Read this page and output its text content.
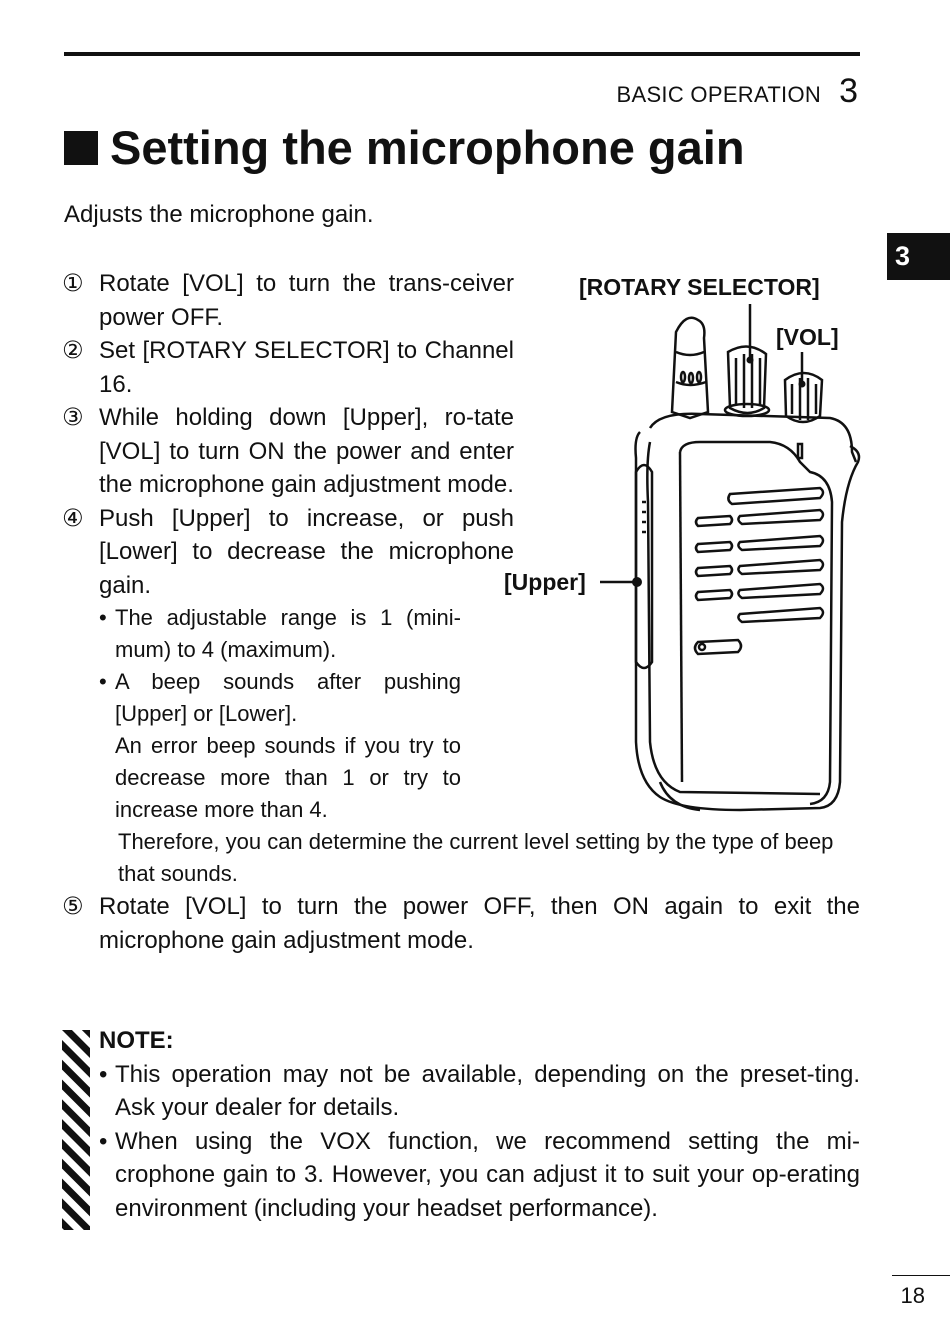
BASIC OPERATION 3
Setting the microphone gain

Adjusts the microphone gain.

3
① Rotate [VOL] to turn the trans-ceiver power OFF.
② Set [ROTARY SELECTOR] to Channel 16.
③ While holding down [Upper], ro-tate [VOL] to turn ON the power and enter the microphone gain adjustment mode.
④ Push [Upper] to increase, or push [Lower] to decrease the microphone gain.
• The adjustable range is 1 (mini-mum) to 4 (maximum).
• A beep sounds after pushing [Upper] or [Lower].
An error beep sounds if you try to decrease more than 1 or try to increase more than 4.
Therefore, you can determine the current level setting by the type of beep that sounds.
⑤ Rotate [VOL] to turn the power OFF, then ON again to exit the microphone gain adjustment mode.
NOTE:
• This operation may not be available, depending on the preset-ting. Ask your dealer for details.
• When using the VOX function, we recommend setting the mi-crophone gain to 3. However, you can adjust it to suit your op-erating environment (including your headset performance).
[ROTARY SELECTOR]
[VOL]
[Upper]
18
